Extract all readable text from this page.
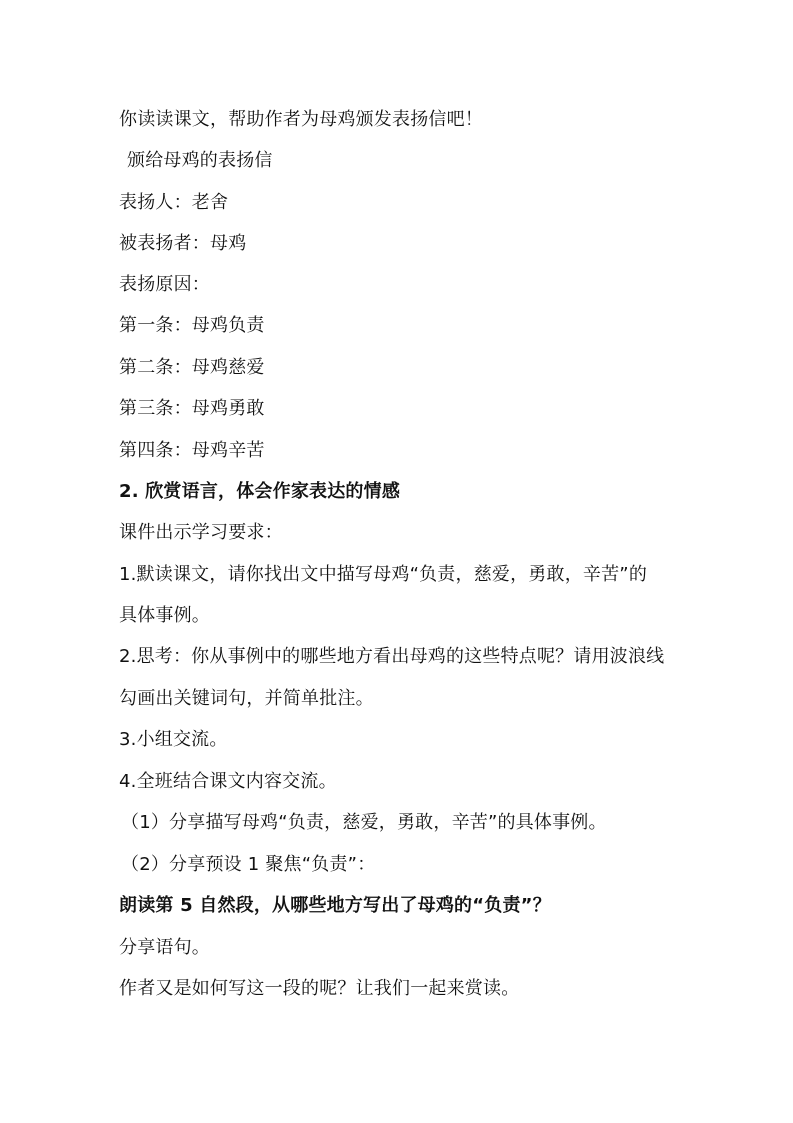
你读读课文，帮助作者为母鸡颁发表扬信吧！
颁给母鸡的表扬信
表扬人：老舍
被表扬者：母鸡
表扬原因：
第一条：母鸡负责
第二条：母鸡慈爱
第三条：母鸡勇敢
第四条：母鸡辛苦
2. 欣赏语言，体会作家表达的情感
课件出示学习要求：
1.默读课文，请你找出文中描写母鸡“负责，慈爱，勇敢，辛苦”的
具体事例。
2.思考：你从事例中的哪些地方看出母鸡的这些特点呢？请用波浪线
勾画出关键词句，并简单批注。
3.小组交流。
4.全班结合课文内容交流。
（1）分享描写母鸡“负责，慈爱，勇敢，辛苦”的具体事例。
（2）分享预设 1 聚焦“负责”：
朗读第 5 自然段，从哪些地方写出了母鸡的“负责”？
分享语句。
作者又是如何写这一段的呢？让我们一起来赏读。
